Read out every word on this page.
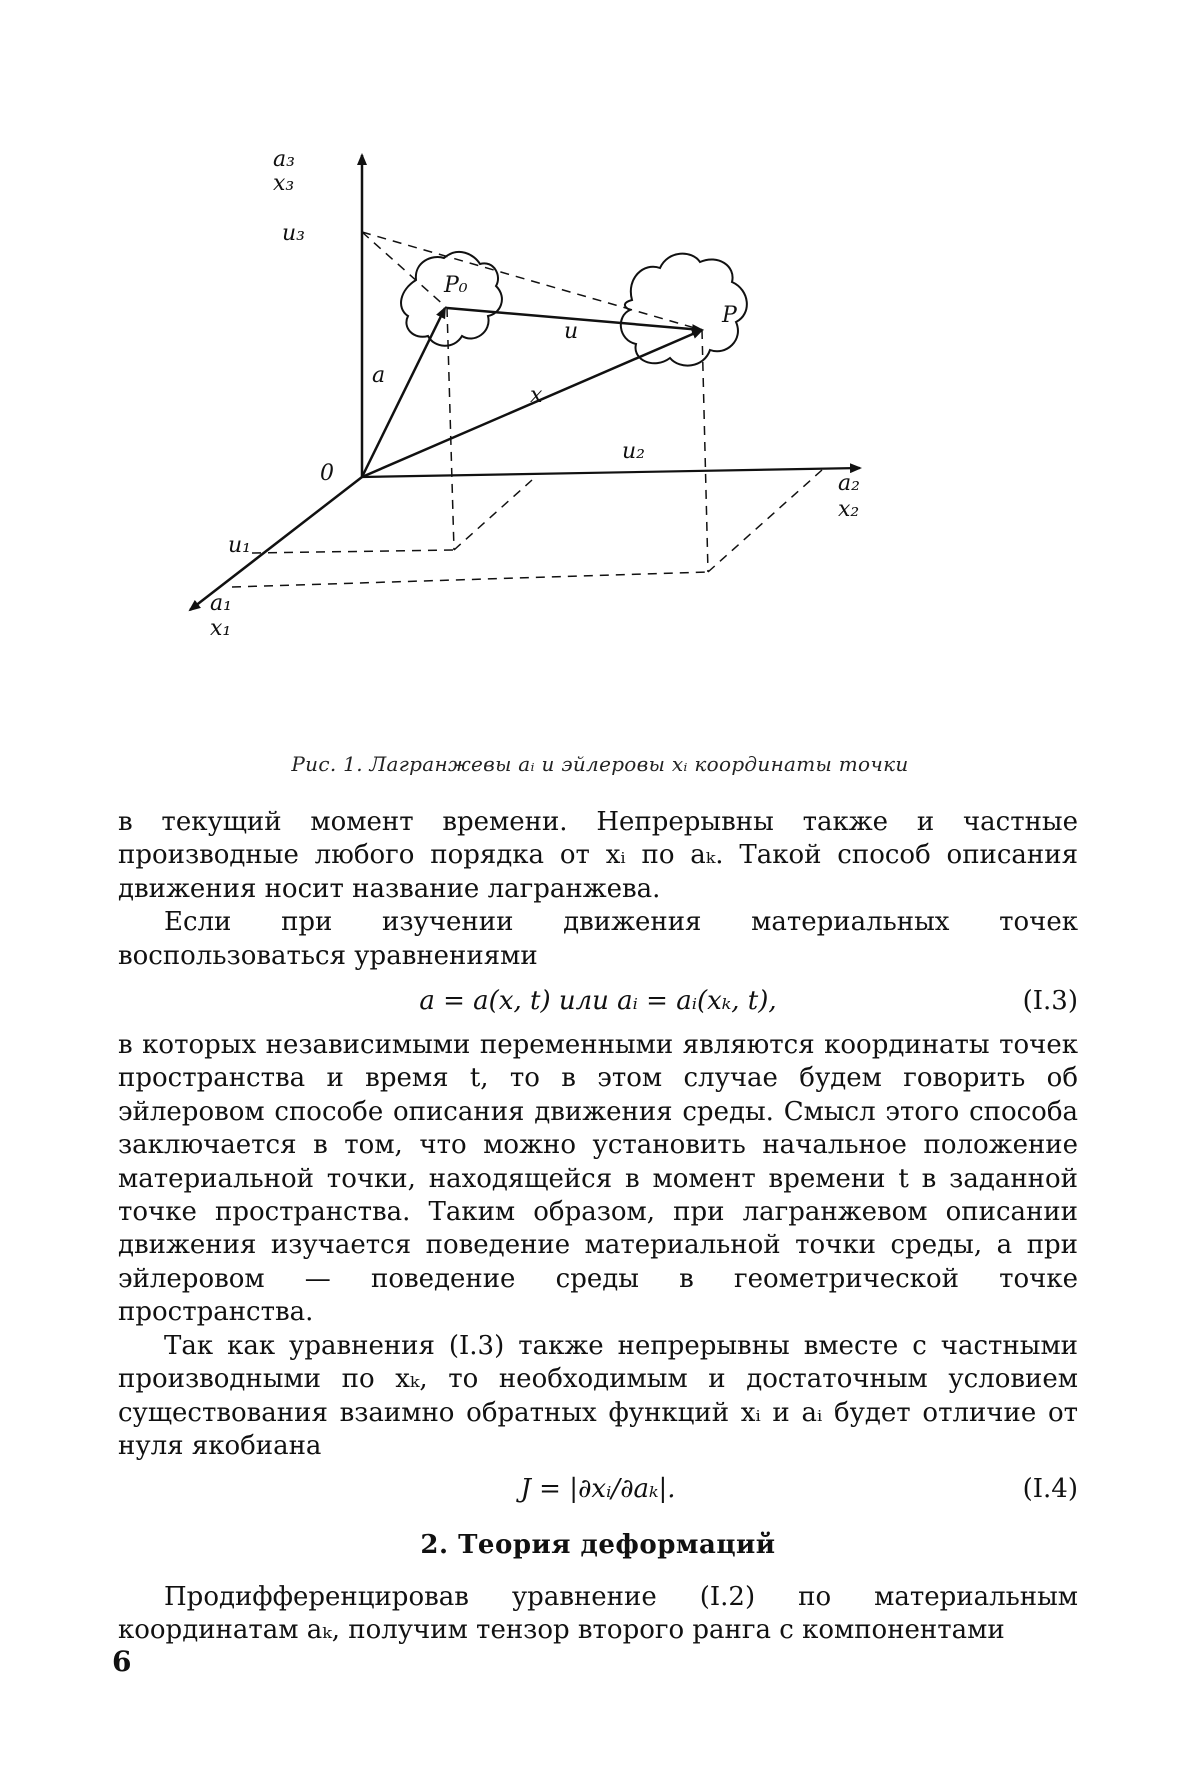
a₃
x₃
u₃
P₀
P
u
a
x
u₂
0	a₂
x₂
u₁
a₁
x₁
Рис. 1. Лагранжевы aᵢ и эйлеровы xᵢ координаты точки

в текущий момент времени. Непрерывны также и частные производные любого порядка от xᵢ по aₖ. Такой способ описания движения носит название лагранжева.

Если при изучении движения материальных точек воспользоваться уравнениями

a = a(x, t) или aᵢ = aᵢ(xₖ, t),	(I.3)

в которых независимыми переменными являются координаты точек пространства и время t, то в этом случае будем говорить об эйлеровом способе описания движения среды. Смысл этого способа заключается в том, что можно установить начальное положение материальной точки, находящейся в момент времени t в заданной точке пространства. Таким образом, при лагранжевом описании движения изучается поведение материальной точки среды, а при эйлеровом — поведение среды в геометрической точке пространства.

Так как уравнения (I.3) также непрерывны вместе с частными производными по xₖ, то необходимым и достаточным условием существования взаимно обратных функций xᵢ и aᵢ будет отличие от нуля якобиана

J = |∂xᵢ/∂aₖ|.	(I.4)
2. Теория деформаций

Продифференцировав уравнение (I.2) по материальным координатам aₖ, получим тензор второго ранга с компонентами

6
